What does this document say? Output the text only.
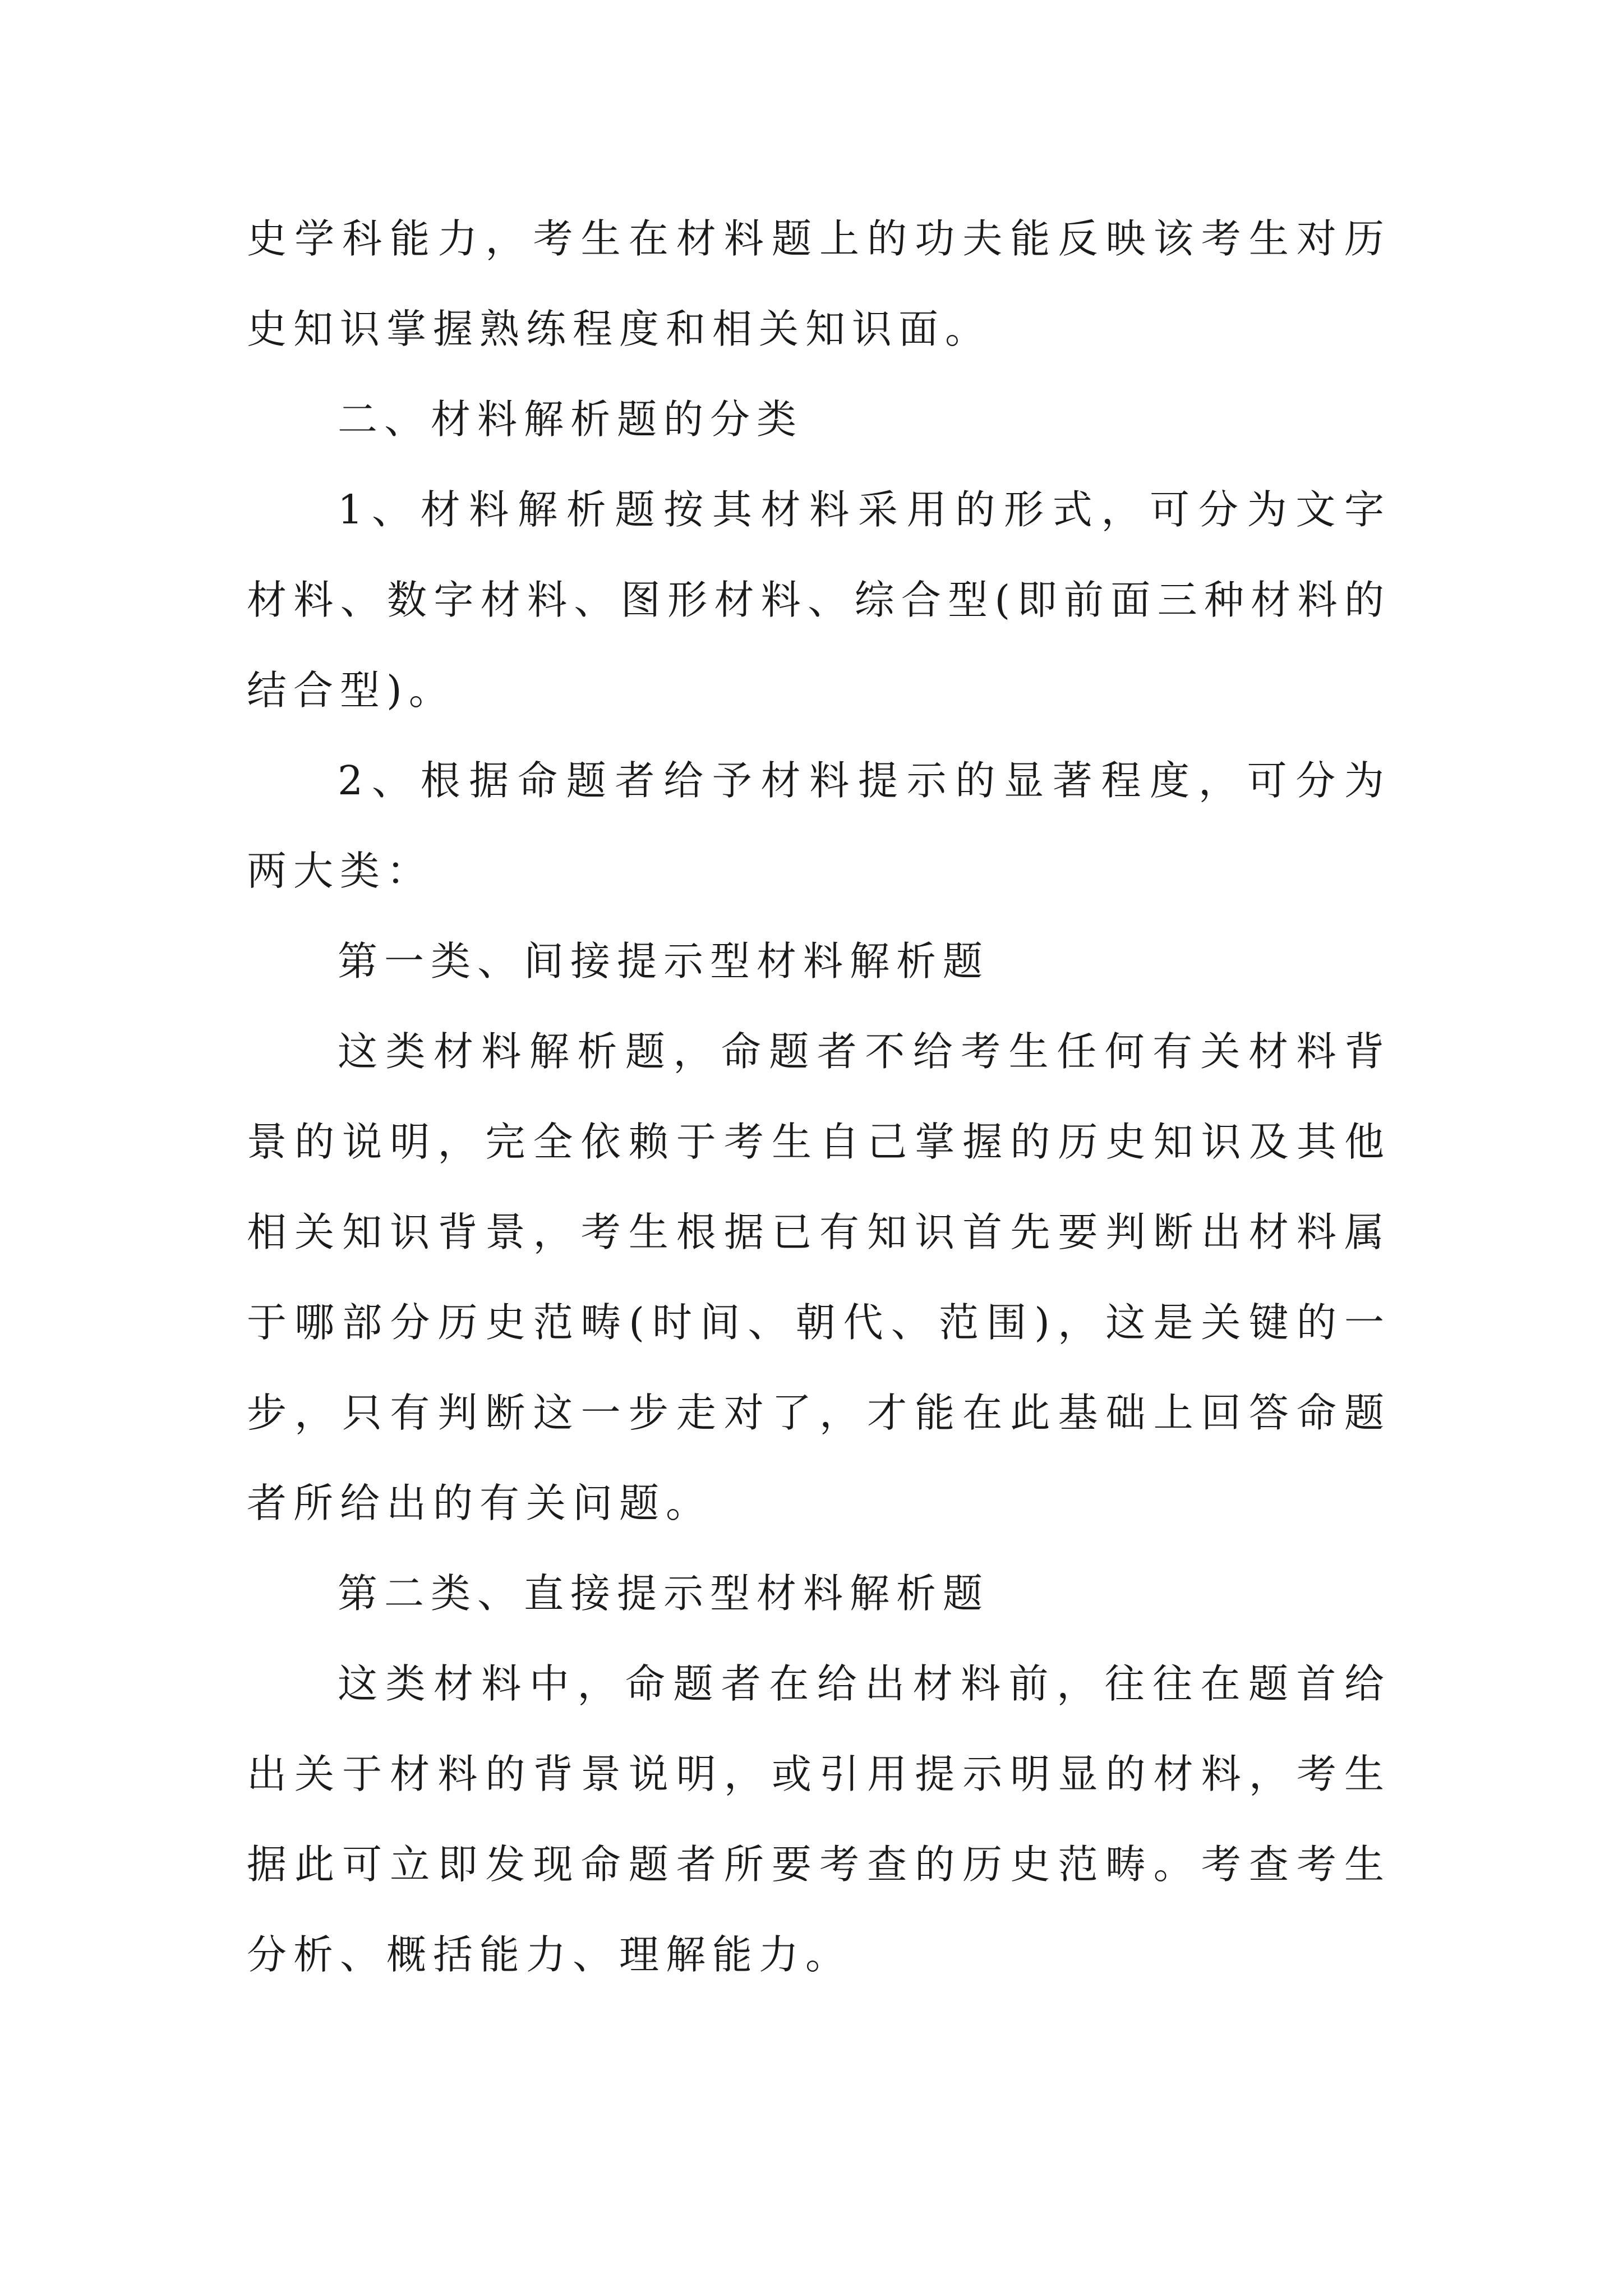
史学科能力，考生在材料题上的功夫能反映该考生对历史知识掌握熟练程度和相关知识面。

二、材料解析题的分类

1、材料解析题按其材料采用的形式，可分为文字材料、数字材料、图形材料、综合型(即前面三种材料的结合型)。

2、根据命题者给予材料提示的显著程度，可分为两大类：

第一类、间接提示型材料解析题

这类材料解析题，命题者不给考生任何有关材料背景的说明，完全依赖于考生自己掌握的历史知识及其他相关知识背景，考生根据已有知识首先要判断出材料属于哪部分历史范畴(时间、朝代、范围)，这是关键的一步，只有判断这一步走对了，才能在此基础上回答命题者所给出的有关问题。

第二类、直接提示型材料解析题

这类材料中，命题者在给出材料前，往往在题首给出关于材料的背景说明，或引用提示明显的材料，考生据此可立即发现命题者所要考查的历史范畴。考查考生分析、概括能力、理解能力。
